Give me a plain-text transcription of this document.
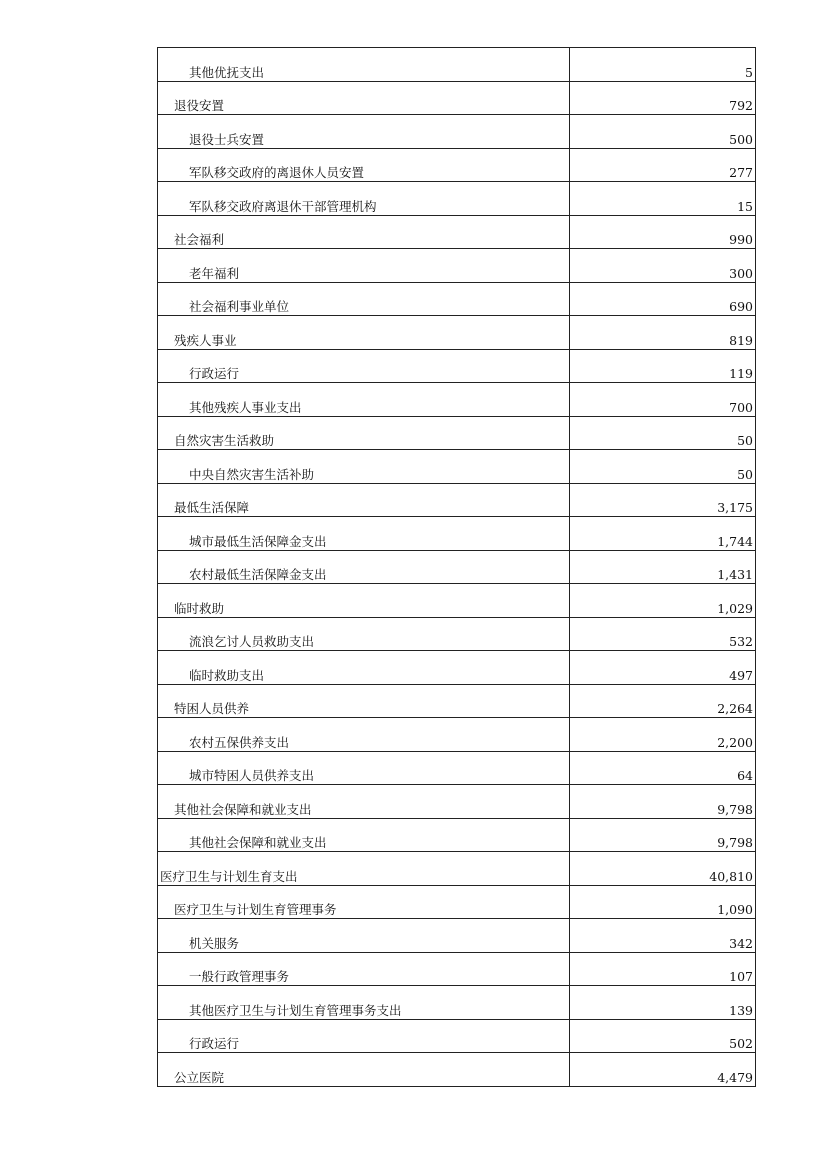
其他优抚支出	5
退役安置	792
退役士兵安置	500
军队移交政府的离退休人员安置	277
军队移交政府离退休干部管理机构	15
社会福利	990
老年福利	300
社会福利事业单位	690
残疾人事业	819
行政运行	119
其他残疾人事业支出	700
自然灾害生活救助	50
中央自然灾害生活补助	50
最低生活保障	3,175
城市最低生活保障金支出	1,744
农村最低生活保障金支出	1,431
临时救助	1,029
流浪乞讨人员救助支出	532
临时救助支出	497
特困人员供养	2,264
农村五保供养支出	2,200
城市特困人员供养支出	64
其他社会保障和就业支出	9,798
其他社会保障和就业支出	9,798
医疗卫生与计划生育支出	40,810
医疗卫生与计划生育管理事务	1,090
机关服务	342
一般行政管理事务	107
其他医疗卫生与计划生育管理事务支出	139
行政运行	502
公立医院	4,479
